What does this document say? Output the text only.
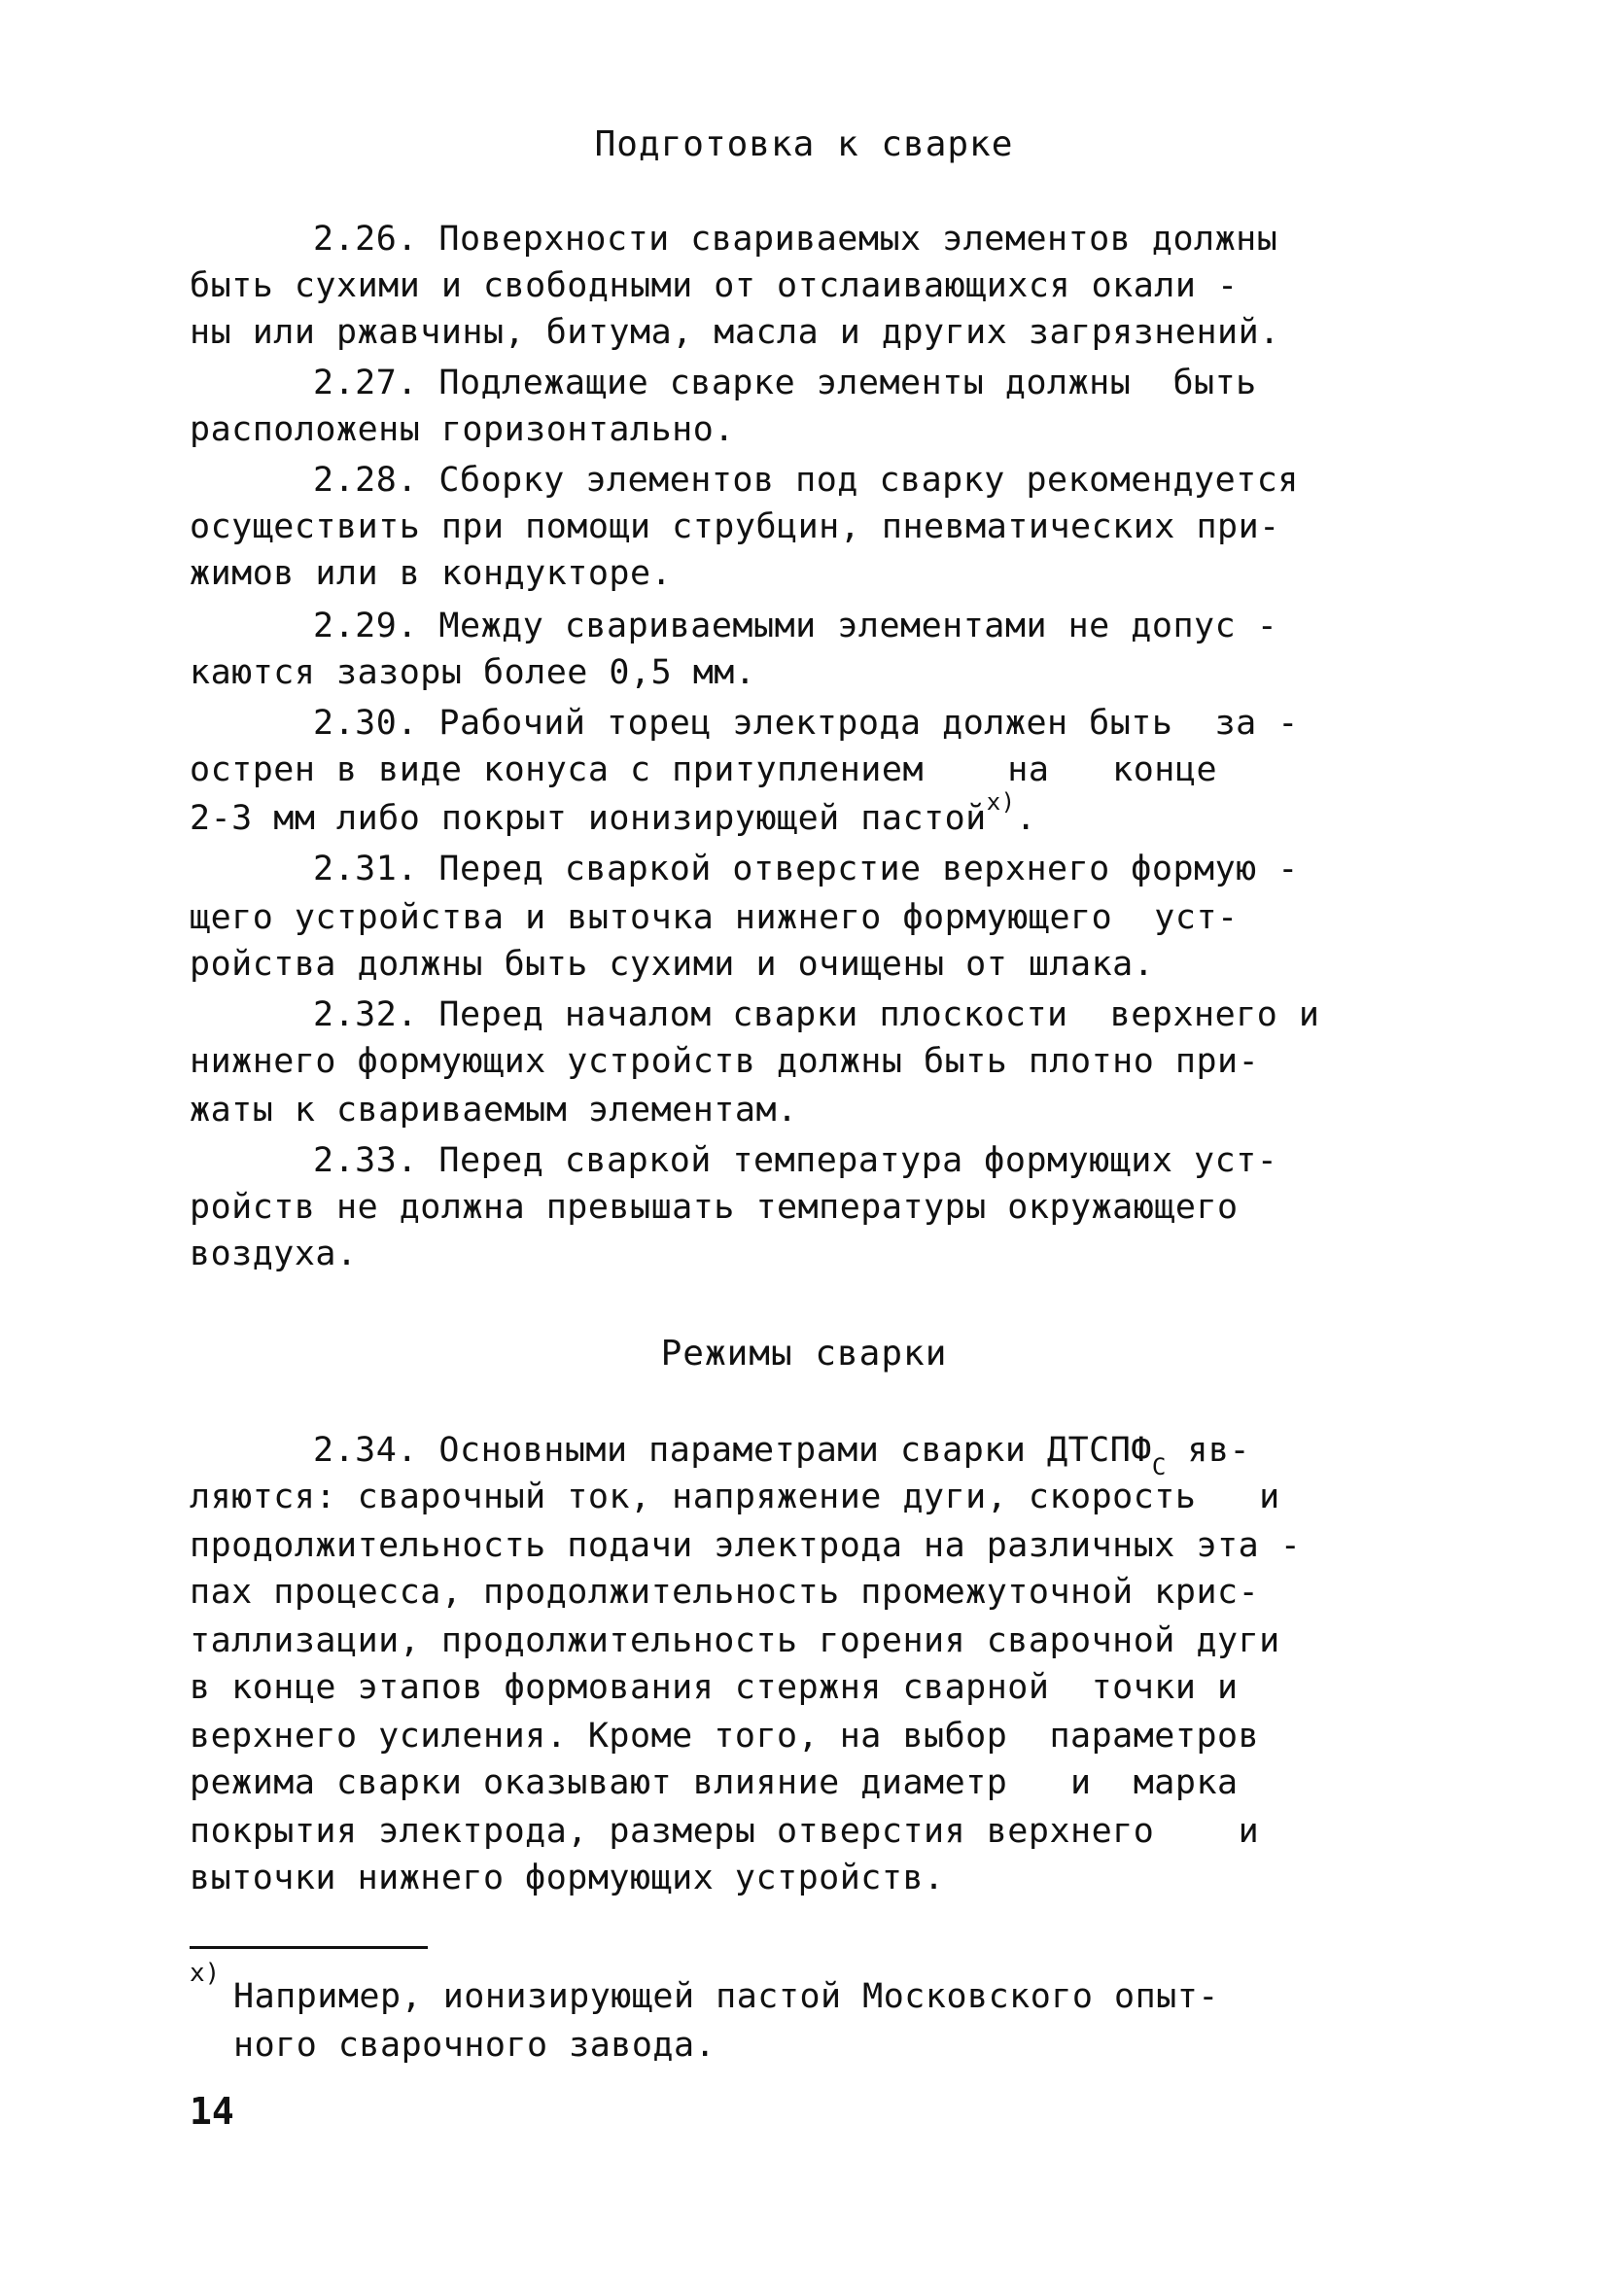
Подготовка к сварке
2.26. Поверхности свариваемых элементов должны
быть сухими и свободными от отслаивающихся окали -
ны или ржавчины, битума, масла и других загрязнений.
2.27. Подлежащие сварке элементы должны  быть
расположены горизонтально.
2.28. Сборку элементов под сварку рекомендуется
осуществить при помощи струбцин, пневматических при-
жимов или в кондукторе.
2.29. Между свариваемыми элементами не допус -
каются зазоры более 0,5 мм.
2.30. Рабочий торец электрода должен быть  за -
острен в виде конуса с притуплением    на   конце
2-3 мм либо покрыт ионизирующей пастой$^{x)}$.
2.31. Перед сваркой отверстие верхнего формую -
щего устройства и выточка нижнего формующего  уст-
ройства должны быть сухими и очищены от шлака.
2.32. Перед началом сварки плоскости  верхнего и
нижнего формующих устройств должны быть плотно при-
жаты к свариваемым элементам.
2.33. Перед сваркой температура формующих уст-
ройств не должна превышать температуры окружающего
воздуха.
Режимы сварки
2.34. Основными параметрами сварки $ДТСПФ_С$ яв-
ляются: сварочный ток, напряжение дуги, скорость   и
продолжительность подачи электрода на различных эта -
пах процесса, продолжительность промежуточной крис-
таллизации, продолжительность горения сварочной дуги
в конце этапов формования стержня сварной  точки и
верхнего усиления. Кроме того, на выбор  параметров
режима сварки оказывают влияние диаметр   и  марка
покрытия электрода, размеры отверстия верхнего    и
выточки нижнего формующих устройств.
x)
Например, ионизирующей пастой Московского опыт-
ного сварочного завода.
14
